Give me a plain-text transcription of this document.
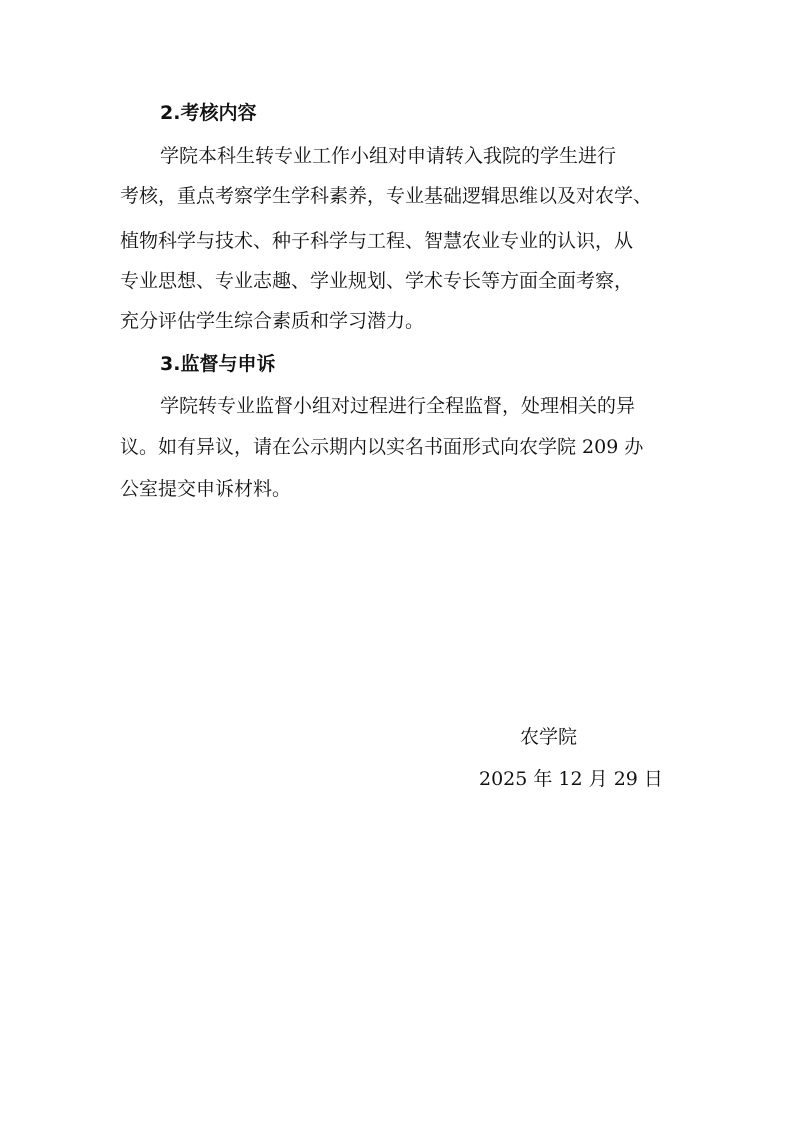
2.考核内容
学院本科生转专业工作小组对申请转入我院的学生进行
考核，重点考察学生学科素养，专业基础逻辑思维以及对农学、
植物科学与技术、种子科学与工程、智慧农业专业的认识，从
专业思想、专业志趣、学业规划、学术专长等方面全面考察，
充分评估学生综合素质和学习潜力。
3.监督与申诉
学院转专业监督小组对过程进行全程监督，处理相关的异
议。如有异议，请在公示期内以实名书面形式向农学院 209 办
公室提交申诉材料。
农学院
2025 年 12 月 29 日
